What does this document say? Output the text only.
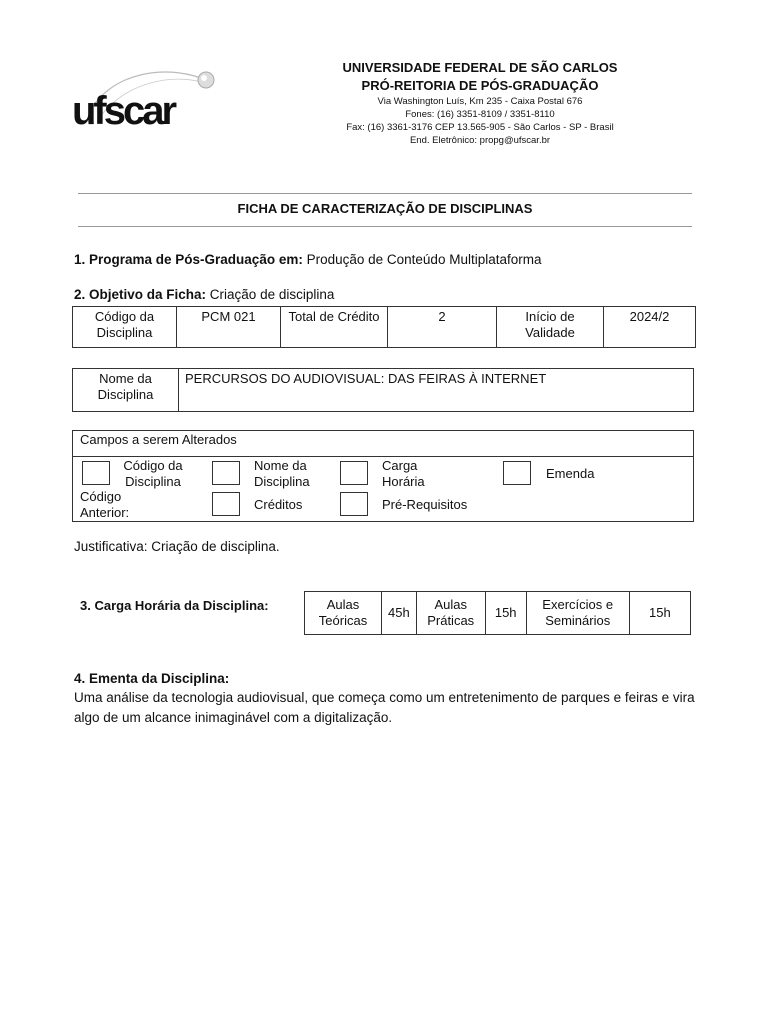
ufscar
UNIVERSIDADE FEDERAL DE SÃO CARLOS
PRÓ-REITORIA DE PÓS-GRADUAÇÃO
Via Washington Luís, Km 235 - Caixa Postal 676
Fones: (16) 3351-8109 / 3351-8110
Fax: (16) 3361-3176 CEP 13.565-905 - São Carlos - SP - Brasil
End. Eletrônico: propg@ufscar.br
FICHA DE CARACTERIZAÇÃO DE DISCIPLINAS
1. Programa de Pós-Graduação em: Produção de Conteúdo Multiplataforma
2. Objetivo da Ficha: Criação de disciplina
Código da Disciplina	PCM 021	Total de Crédito	2	Início de Validade	2024/2
Nome da Disciplina	PERCURSOS DO AUDIOVISUAL: DAS FEIRAS À INTERNET
Campos a serem Alterados
Código da Disciplina
Código Anterior:
Nome da Disciplina
Créditos
Carga Horária
Pré-Requisitos
Emenda
Justificativa: Criação de disciplina.
3. Carga Horária da Disciplina:	Aulas Teóricas	45h	Aulas Práticas	15h	Exercícios e Seminários	15h
4. Ementa da Disciplina:
Uma análise da tecnologia audiovisual, que começa como um entretenimento de parques e feiras e vira algo de um alcance inimaginável com a digitalização.
